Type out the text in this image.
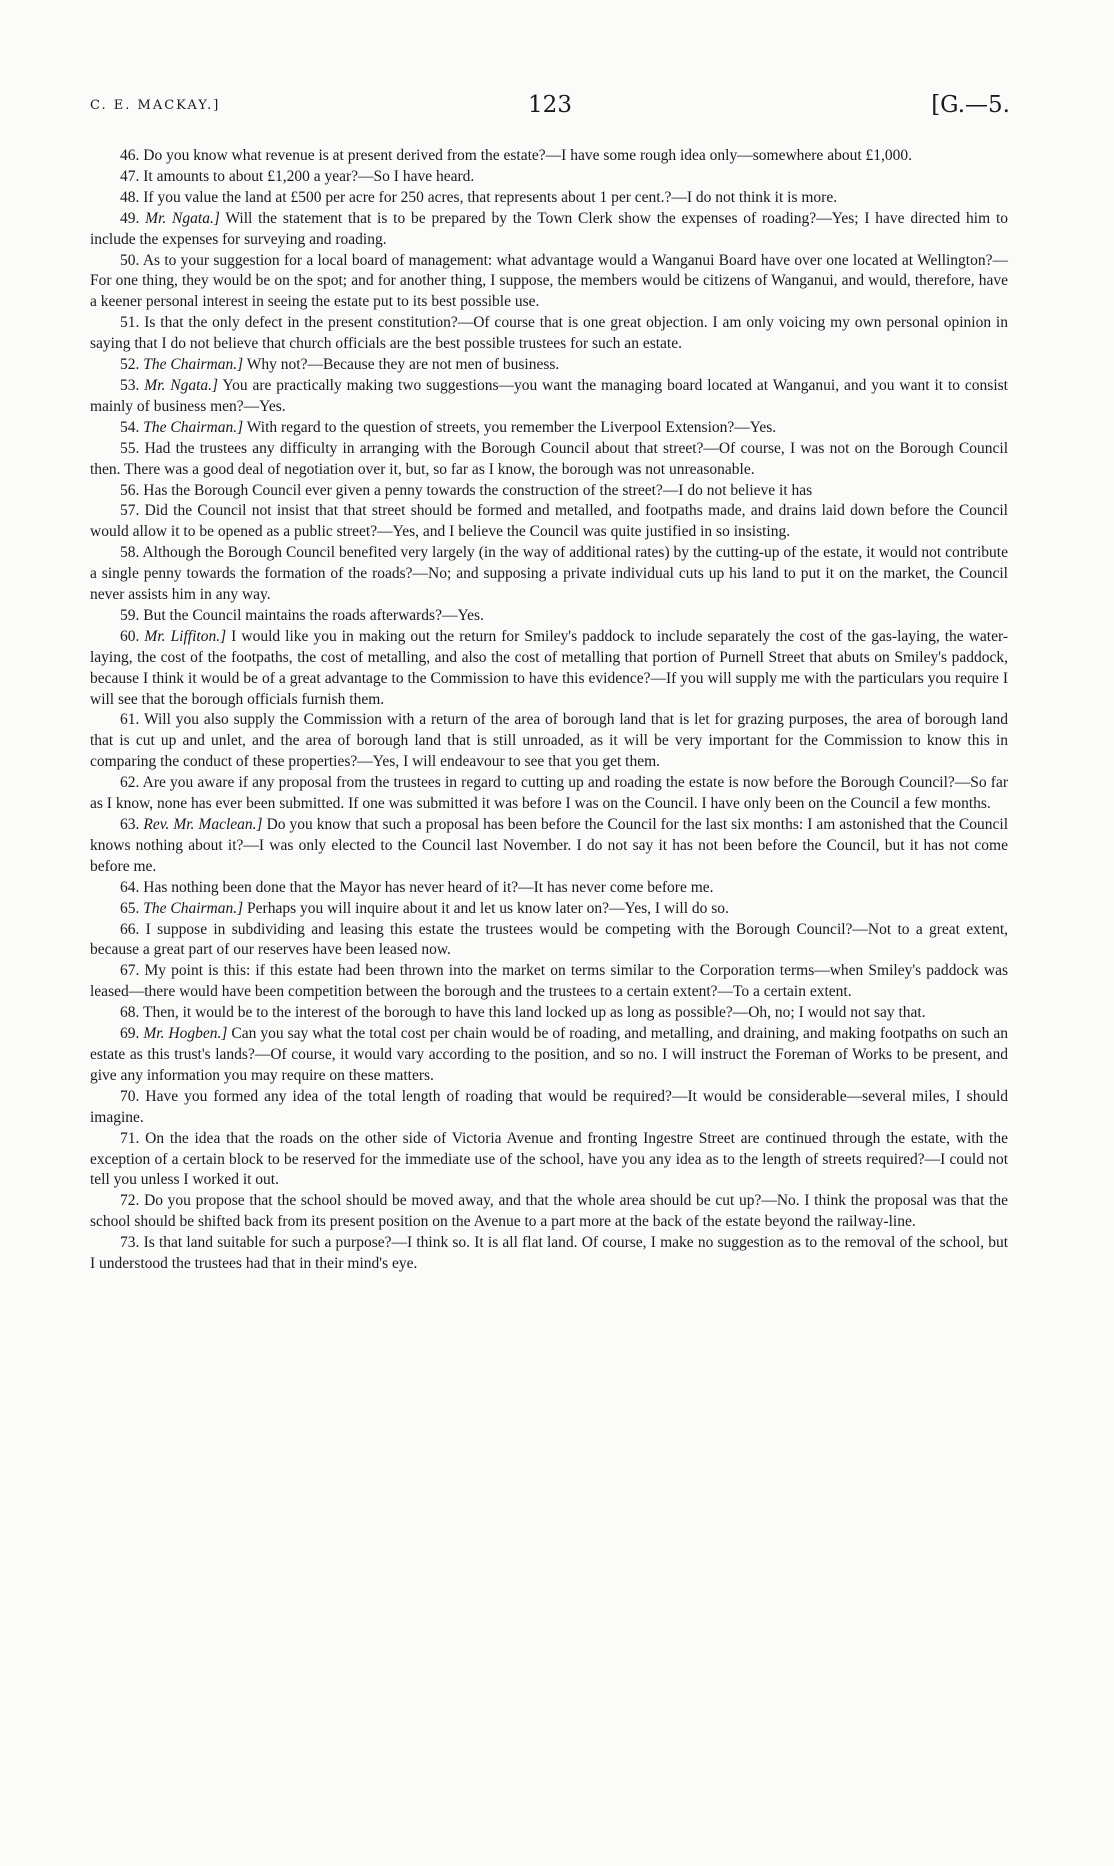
C. E. MACKAY.]	123	[G.—5.

46. Do you know what revenue is at present derived from the estate?—I have some rough idea only—somewhere about £1,000.

47. It amounts to about £1,200 a year?—So I have heard.

48. If you value the land at £500 per acre for 250 acres, that represents about 1 per cent.?—I do not think it is more.

49. Mr. Ngata.] Will the statement that is to be prepared by the Town Clerk show the expenses of roading?—Yes; I have directed him to include the expenses for surveying and roading.

50. As to your suggestion for a local board of management: what advantage would a Wanganui Board have over one located at Wellington?—For one thing, they would be on the spot; and for another thing, I suppose, the members would be citizens of Wanganui, and would, therefore, have a keener personal interest in seeing the estate put to its best possible use.

51. Is that the only defect in the present constitution?—Of course that is one great objection. I am only voicing my own personal opinion in saying that I do not believe that church officials are the best possible trustees for such an estate.

52. The Chairman.] Why not?—Because they are not men of business.

53. Mr. Ngata.] You are practically making two suggestions—you want the managing board located at Wanganui, and you want it to consist mainly of business men?—Yes.

54. The Chairman.] With regard to the question of streets, you remember the Liverpool Extension?—Yes.

55. Had the trustees any difficulty in arranging with the Borough Council about that street?—Of course, I was not on the Borough Council then. There was a good deal of negotiation over it, but, so far as I know, the borough was not unreasonable.

56. Has the Borough Council ever given a penny towards the construction of the street?—I do not believe it has

57. Did the Council not insist that that street should be formed and metalled, and footpaths made, and drains laid down before the Council would allow it to be opened as a public street?—Yes, and I believe the Council was quite justified in so insisting.

58. Although the Borough Council benefited very largely (in the way of additional rates) by the cutting-up of the estate, it would not contribute a single penny towards the formation of the roads?—No; and supposing a private individual cuts up his land to put it on the market, the Council never assists him in any way.

59. But the Council maintains the roads afterwards?—Yes.

60. Mr. Liffiton.] I would like you in making out the return for Smiley's paddock to include separately the cost of the gas-laying, the water-laying, the cost of the footpaths, the cost of metalling, and also the cost of metalling that portion of Purnell Street that abuts on Smiley's paddock, because I think it would be of a great advantage to the Commission to have this evidence?—If you will supply me with the particulars you require I will see that the borough officials furnish them.

61. Will you also supply the Commission with a return of the area of borough land that is let for grazing purposes, the area of borough land that is cut up and unlet, and the area of borough land that is still unroaded, as it will be very important for the Commission to know this in comparing the conduct of these properties?—Yes, I will endeavour to see that you get them.

62. Are you aware if any proposal from the trustees in regard to cutting up and roading the estate is now before the Borough Council?—So far as I know, none has ever been submitted. If one was submitted it was before I was on the Council. I have only been on the Council a few months.

63. Rev. Mr. Maclean.] Do you know that such a proposal has been before the Council for the last six months: I am astonished that the Council knows nothing about it?—I was only elected to the Council last November. I do not say it has not been before the Council, but it has not come before me.

64. Has nothing been done that the Mayor has never heard of it?—It has never come before me.

65. The Chairman.] Perhaps you will inquire about it and let us know later on?—Yes, I will do so.

66. I suppose in subdividing and leasing this estate the trustees would be competing with the Borough Council?—Not to a great extent, because a great part of our reserves have been leased now.

67. My point is this: if this estate had been thrown into the market on terms similar to the Corporation terms—when Smiley's paddock was leased—there would have been competition between the borough and the trustees to a certain extent?—To a certain extent.

68. Then, it would be to the interest of the borough to have this land locked up as long as possible?—Oh, no; I would not say that.

69. Mr. Hogben.] Can you say what the total cost per chain would be of roading, and metalling, and draining, and making footpaths on such an estate as this trust's lands?—Of course, it would vary according to the position, and so no. I will instruct the Foreman of Works to be present, and give any information you may require on these matters.

70. Have you formed any idea of the total length of roading that would be required?—It would be considerable—several miles, I should imagine.

71. On the idea that the roads on the other side of Victoria Avenue and fronting Ingestre Street are continued through the estate, with the exception of a certain block to be reserved for the immediate use of the school, have you any idea as to the length of streets required?—I could not tell you unless I worked it out.

72. Do you propose that the school should be moved away, and that the whole area should be cut up?—No. I think the proposal was that the school should be shifted back from its present position on the Avenue to a part more at the back of the estate beyond the railway-line.

73. Is that land suitable for such a purpose?—I think so. It is all flat land. Of course, I make no suggestion as to the removal of the school, but I understood the trustees had that in their mind's eye.
